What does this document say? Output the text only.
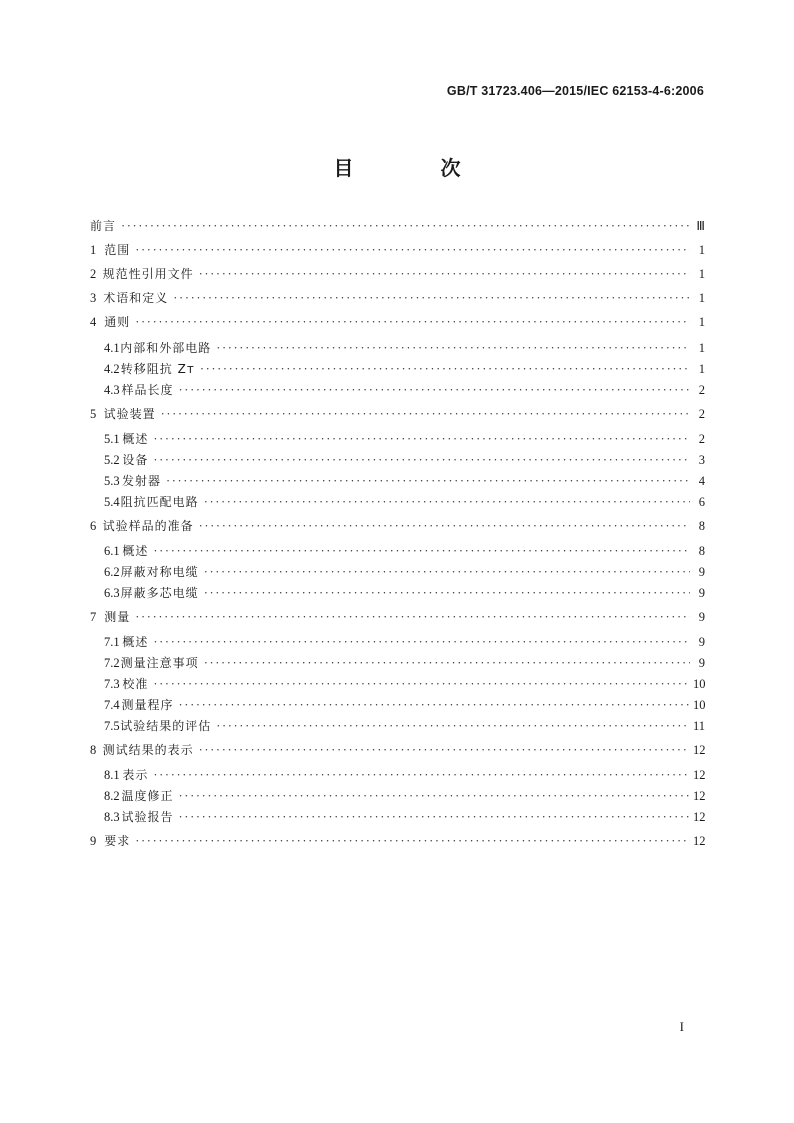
GB/T 31723.406—2015/IEC 62153-4-6:2006
目 次
前言 ·····	Ⅲ
1 范围 ·····	1
2 规范性引用文件 ·····	1
3 术语和定义 ·····	1
4 通则 ·····	1
4.1 内部和外部电路 ·····	1
4.2 转移阻抗 Zᴛ ·····	1
4.3 样品长度 ·····	2
5 试验装置 ·····	2
5.1 概述 ·····	2
5.2 设备 ·····	3
5.3 发射器 ·····	4
5.4 阻抗匹配电路 ·····	6
6 试验样品的准备 ·····	8
6.1 概述 ·····	8
6.2 屏蔽对称电缆 ·····	9
6.3 屏蔽多芯电缆 ·····	9
7 测量 ·····	9
7.1 概述 ·····	9
7.2 测量注意事项 ·····	9
7.3 校准 ·····	10
7.4 测量程序 ·····	10
7.5 试验结果的评估 ·····	11
8 测试结果的表示 ·····	12
8.1 表示 ·····	12
8.2 温度修正 ·····	12
8.3 试验报告 ·····	12
9 要求 ·····	12
I
